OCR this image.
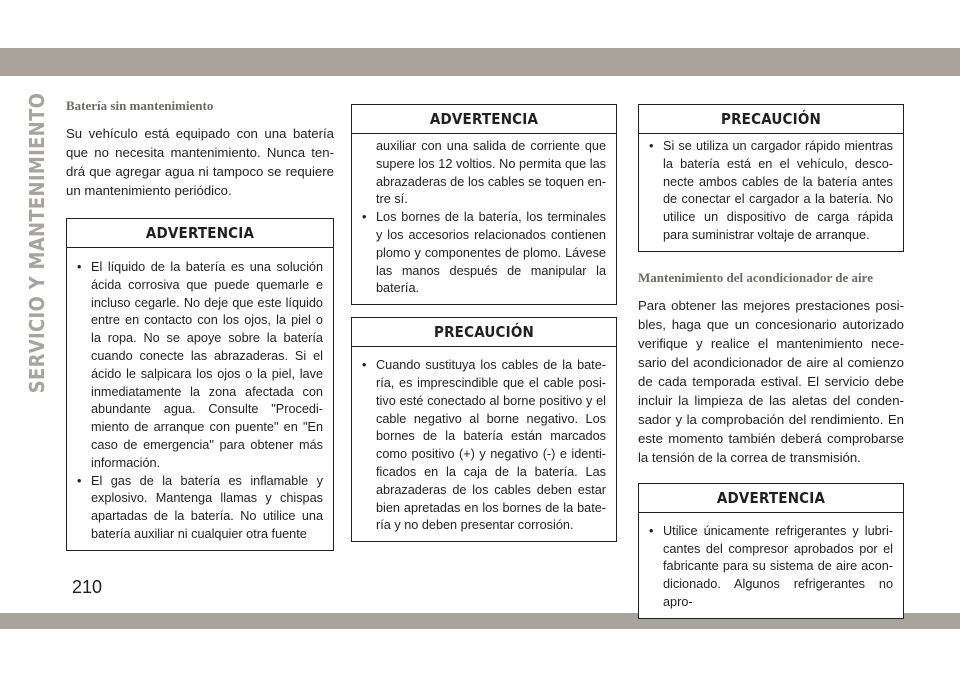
SERVICIO Y MANTENIMIENTO Batería sin mantenimiento

Su vehículo está equipado con una batería que no necesita mantenimiento. Nunca ten- drá que agregar agua ni tampoco se requiere un mantenimiento periódico.

ADVERTENCIA
• El líquido de la batería es una solución ácida corrosiva que puede quemarle e incluso cegarle. No deje que este líquido entre en contacto con los ojos, la piel o la ropa. No se apoye sobre la batería cuando conecte las abrazaderas. Si el ácido le salpicara los ojos o la piel, lave inmediatamente la zona afectada con abundante agua. Consulte "Procedi- miento de arranque con puente" en "En caso de emergencia" para obtener más información.
• El gas de la batería es inflamable y explosivo. Mantenga llamas y chispas apartadas de la batería. No utilice una batería auxiliar ni cualquier otra fuente
ADVERTENCIA
auxiliar con una salida de corriente que supere los 12 voltios. No permita que las abrazaderas de los cables se toquen en- tre sí.
• Los bornes de la batería, los terminales y los accesorios relacionados contienen plomo y componentes de plomo. Lávese las manos después de manipular la batería.
PRECAUCIÓN
• Cuando sustituya los cables de la bate- ría, es imprescindible que el cable posi- tivo esté conectado al borne positivo y el cable negativo al borne negativo. Los bornes de la batería están marcados como positivo (+) y negativo (-) e identi- ficados en la caja de la batería. Las abrazaderas de los cables deben estar bien apretadas en los bornes de la bate- ría y no deben presentar corrosión.
PRECAUCIÓN
• Si se utiliza un cargador rápido mientras la batería está en el vehículo, desco- necte ambos cables de la batería antes de conectar el cargador a la batería. No utilice un dispositivo de carga rápida para suministrar voltaje de arranque.
Mantenimiento del acondicionador de aire

Para obtener las mejores prestaciones posi- bles, haga que un concesionario autorizado verifique y realice el mantenimiento nece- sario del acondicionador de aire al comienzo de cada temporada estival. El servicio debe incluir la limpieza de las aletas del conden- sador y la comprobación del rendimiento. En este momento también deberá comprobarse la tensión de la correa de transmisión.

ADVERTENCIA
• Utilice únicamente refrigerantes y lubri- cantes del compresor aprobados por el fabricante para su sistema de aire acon- dicionado. Algunos refrigerantes no apro-
210
